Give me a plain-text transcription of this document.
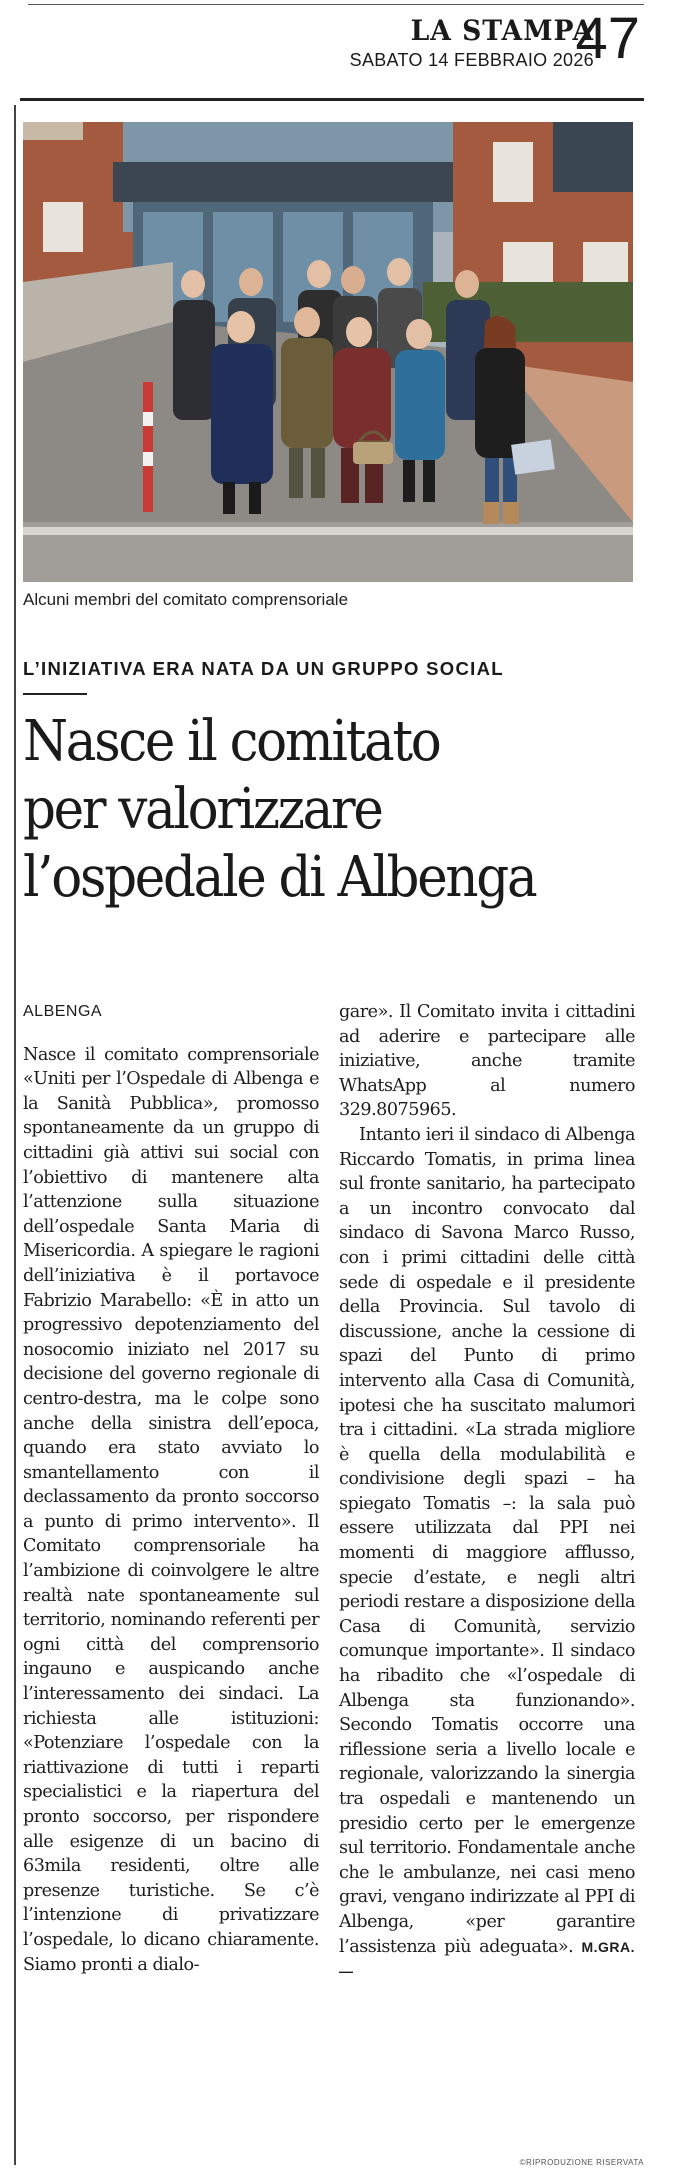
LA STAMPA
SABATO 14 FEBBRAIO 2026
47
Alcuni membri del comitato comprensoriale
L’INIZIATIVA ERA NATA DA UN GRUPPO SOCIAL
Nasce il comitato
per valorizzare
l’ospedale di Albenga
ALBENGA

Nasce il comitato comprensoriale «Uniti per l’Ospedale di Albenga e la Sanità Pubblica», promosso spontaneamente da un gruppo di cittadini già attivi sui social con l’obiettivo di mantenere alta l’attenzione sulla situazione dell’ospedale Santa Maria di Misericordia. A spiegare le ragioni dell’iniziativa è il portavoce Fabrizio Marabello: «È in atto un progressivo depotenziamento del nosocomio iniziato nel 2017 su decisione del governo regionale di centro-destra, ma le colpe sono anche della sinistra dell’epoca, quando era stato avviato lo smantellamento con il declassamento da pronto soccorso a punto di primo intervento». Il Comitato comprensoriale ha l’ambizione di coinvolgere le altre realtà nate spontaneamente sul territorio, nominando referenti per ogni città del comprensorio ingauno e auspicando anche l’interessamento dei sindaci. La richiesta alle istituzioni: «Potenziare l’ospedale con la riattivazione di tutti i reparti specialistici e la riapertura del pronto soccorso, per rispondere alle esigenze di un bacino di 63mila residenti, oltre alle presenze turistiche. Se c’è l’intenzione di privatizzare l’ospedale, lo dicano chiaramente. Siamo pronti a dialo-

gare». Il Comitato invita i cittadini ad aderire e partecipare alle iniziative, anche tramite WhatsApp al numero 329.8075965.

Intanto ieri il sindaco di Albenga Riccardo Tomatis, in prima linea sul fronte sanitario, ha partecipato a un incontro convocato dal sindaco di Savona Marco Russo, con i primi cittadini delle città sede di ospedale e il presidente della Provincia. Sul tavolo di discussione, anche la cessione di spazi del Punto di primo intervento alla Casa di Comunità, ipotesi che ha suscitato malumori tra i cittadini. «La strada migliore è quella della modulabilità e condivisione degli spazi – ha spiegato Tomatis –: la sala può essere utilizzata dal PPI nei momenti di maggiore afflusso, specie d’estate, e negli altri periodi restare a disposizione della Casa di Comunità, servizio comunque importante». Il sindaco ha ribadito che «l’ospedale di Albenga sta funzionando». Secondo Tomatis occorre una riflessione seria a livello locale e regionale, valorizzando la sinergia tra ospedali e mantenendo un presidio certo per le emergenze sul territorio. Fondamentale anche che le ambulanze, nei casi meno gravi, vengano indirizzate al PPI di Albenga, «per garantire l’assistenza più adeguata». M.GRA. —

©RIPRODUZIONE RISERVATA
